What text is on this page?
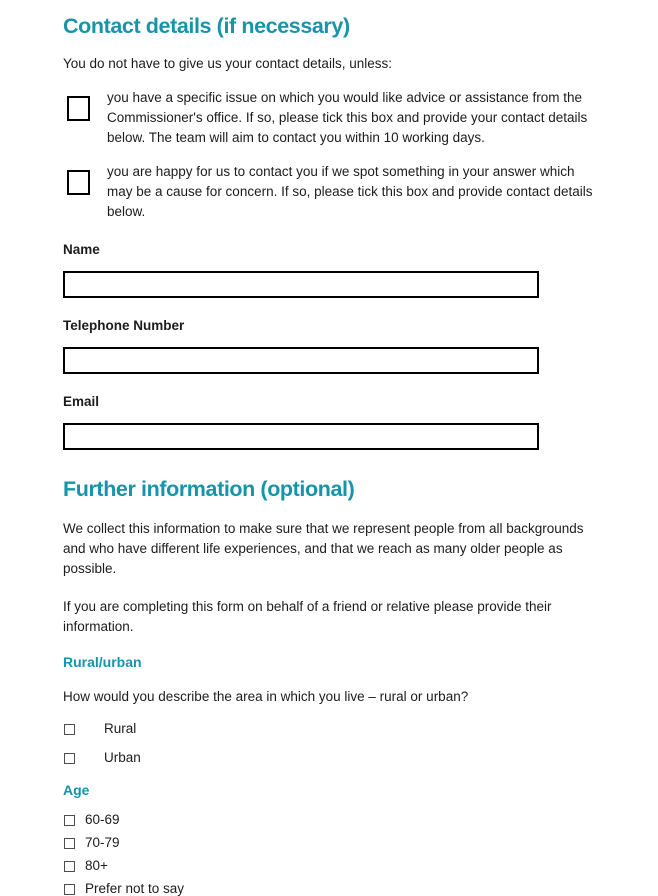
Contact details (if necessary)

You do not have to give us your contact details, unless:

you have a specific issue on which you would like advice or assistance from the Commissioner's office. If so, please tick this box and provide your contact details below. The team will aim to contact you within 10 working days.

you are happy for us to contact you if we spot something in your answer which may be a cause for concern. If so, please tick this box and provide contact details below.

Name

Telephone Number

Email

Further information (optional)

We collect this information to make sure that we represent people from all backgrounds and who have different life experiences, and that we reach as many older people as possible.

If you are completing this form on behalf of a friend or relative please provide their information.

Rural/urban

How would you describe the area in which you live – rural or urban?

Rural
Urban
Age
60-69
70-79
80+
Prefer not to say
